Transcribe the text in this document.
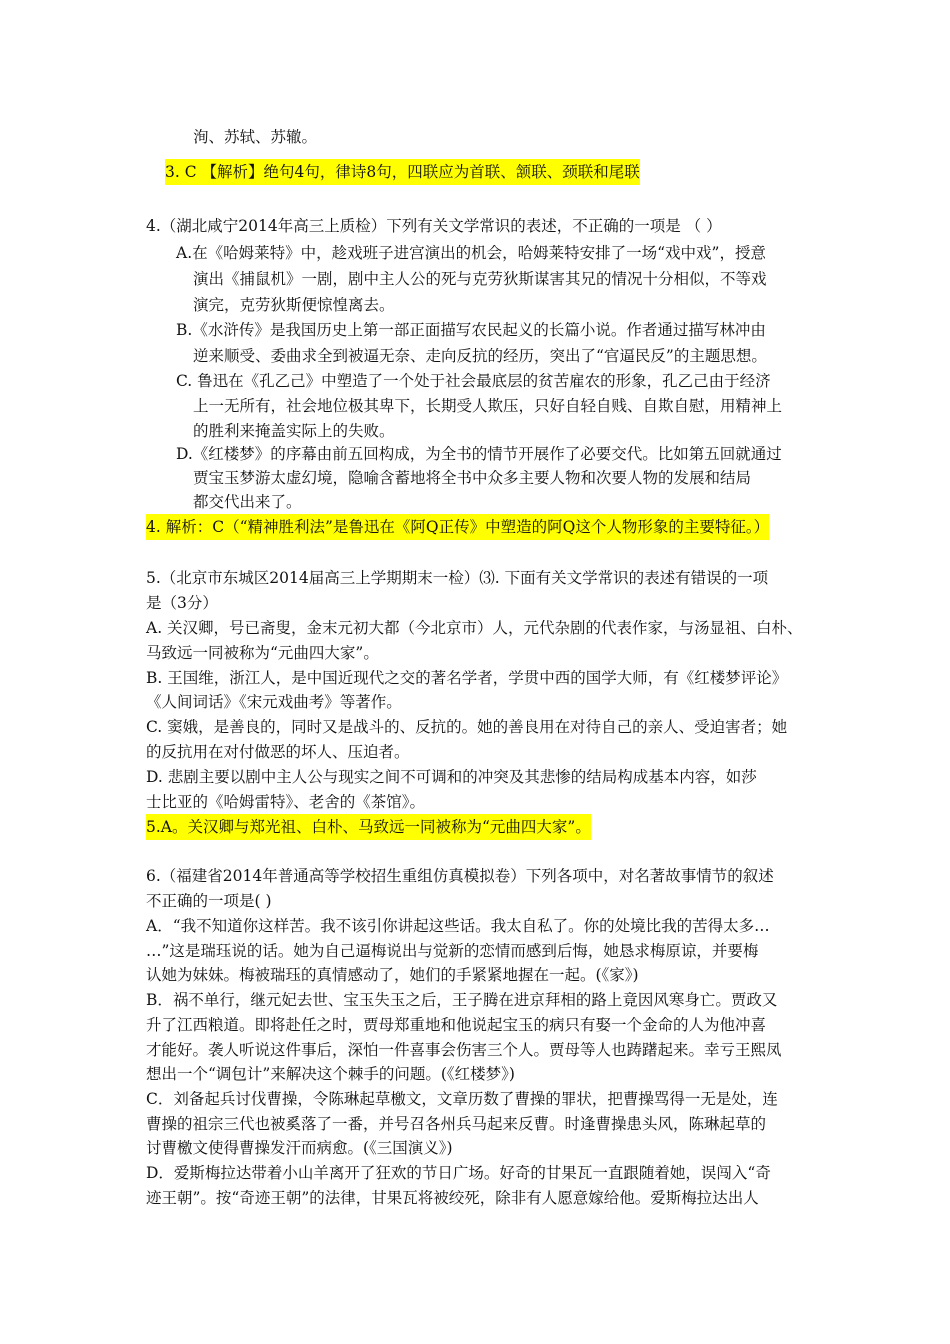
洵、苏轼、苏辙。
3. C 【解析】绝句4句，律诗8句，四联应为首联、颔联、颈联和尾联
4.（湖北咸宁2014年高三上质检）下列有关文学常识的表述，不正确的一项是 （ ）
A.在《哈姆莱特》中，趁戏班子进宫演出的机会，哈姆莱特安排了一场“戏中戏”，授意
演出《捕鼠机》一剧，剧中主人公的死与克劳狄斯谋害其兄的情况十分相似，不等戏
演完，克劳狄斯便惊惶离去。
B.《水浒传》是我国历史上第一部正面描写农民起义的长篇小说。作者通过描写林冲由
逆来顺受、委曲求全到被逼无奈、走向反抗的经历，突出了“官逼民反”的主题思想。
C. 鲁迅在《孔乙己》中塑造了一个处于社会最底层的贫苦雇农的形象，孔乙己由于经济
上一无所有，社会地位极其卑下，长期受人欺压，只好自轻自贱、自欺自慰，用精神上
的胜利来掩盖实际上的失败。
D.《红楼梦》的序幕由前五回构成，为全书的情节开展作了必要交代。比如第五回就通过
贾宝玉梦游太虚幻境，隐喻含蓄地将全书中众多主要人物和次要人物的发展和结局
都交代出来了。
4. 解析：C（“精神胜利法”是鲁迅在《阿Q正传》中塑造的阿Q这个人物形象的主要特征。）
5.（北京市东城区2014届高三上学期期末一检）⑶. 下面有关文学常识的表述有错误的一项
是（3分）
A. 关汉卿，号已斋叟，金末元初大都（今北京市）人，元代杂剧的代表作家，与汤显祖、白朴、
马致远一同被称为“元曲四大家”。
B. 王国维，浙江人，是中国近现代之交的著名学者，学贯中西的国学大师，有《红楼梦评论》
《人间词话》《宋元戏曲考》等著作。
C. 窦娥，是善良的，同时又是战斗的、反抗的。她的善良用在对待自己的亲人、受迫害者；她
的反抗用在对付做恶的坏人、压迫者。
D. 悲剧主要以剧中主人公与现实之间不可调和的冲突及其悲惨的结局构成基本内容，如莎
士比亚的《哈姆雷特》、老舍的《茶馆》。
5.A。关汉卿与郑光祖、白朴、马致远一同被称为“元曲四大家”。
6.（福建省2014年普通高等学校招生重组仿真模拟卷）下列各项中，对名著故事情节的叙述
不正确的一项是( )
A．“我不知道你这样苦。我不该引你讲起这些话。我太自私了。你的处境比我的苦得太多…
…”这是瑞珏说的话。她为自己逼梅说出与觉新的恋情而感到后悔，她恳求梅原谅，并要梅
认她为妹妹。梅被瑞珏的真情感动了，她们的手紧紧地握在一起。(《家》)
B．祸不单行，继元妃去世、宝玉失玉之后，王子腾在进京拜相的路上竟因风寒身亡。贾政又
升了江西粮道。即将赴任之时，贾母郑重地和他说起宝玉的病只有娶一个金命的人为他冲喜
才能好。袭人听说这件事后，深怕一件喜事会伤害三个人。贾母等人也踌躇起来。幸亏王熙凤
想出一个“调包计”来解决这个棘手的问题。(《红楼梦》)
C．刘备起兵讨伐曹操，令陈琳起草檄文，文章历数了曹操的罪状，把曹操骂得一无是处，连
曹操的祖宗三代也被奚落了一番，并号召各州兵马起来反曹。时逢曹操患头风，陈琳起草的
讨曹檄文使得曹操发汗而病愈。(《三国演义》)
D．爱斯梅拉达带着小山羊离开了狂欢的节日广场。好奇的甘果瓦一直跟随着她，误闯入“奇
迹王朝”。按“奇迹王朝”的法律，甘果瓦将被绞死，除非有人愿意嫁给他。爱斯梅拉达出人
